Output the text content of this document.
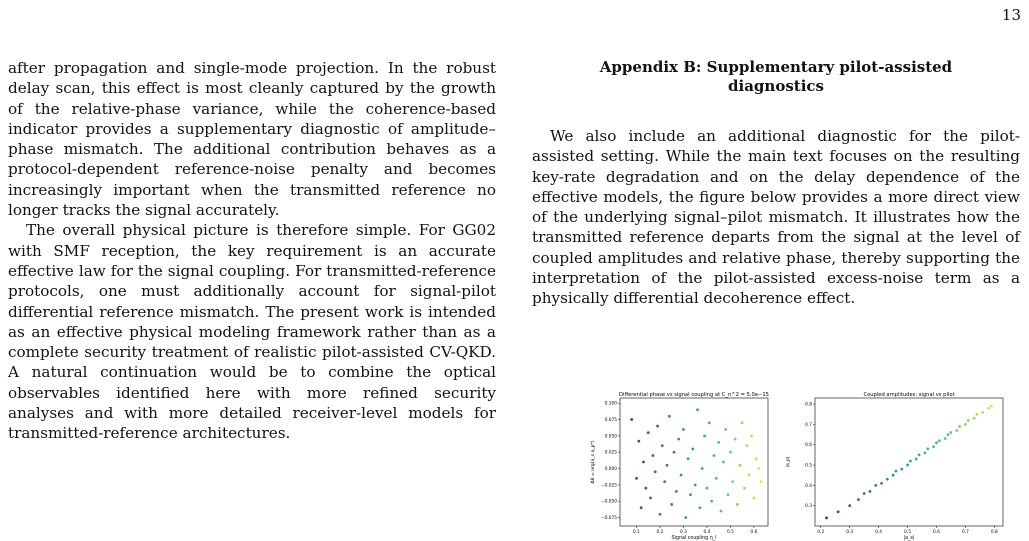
13

after propagation and single-mode projection. In the robust delay scan, this effect is most cleanly captured by the growth of the relative-phase variance, while the coherence-based indicator provides a supplementary diagnostic of amplitude–phase mismatch. The additional contribution behaves as a protocol-dependent reference-noise penalty and becomes increasingly important when the transmitted reference no longer tracks the signal accurately.

The overall physical picture is therefore simple. For GG02 with SMF reception, the key requirement is an accurate effective law for the signal coupling. For transmitted-reference protocols, one must additionally account for signal-pilot differential reference mismatch. The present work is intended as an effective physical modeling framework rather than as a complete security treatment of realistic pilot-assisted CV-QKD. A natural continuation would be to combine the optical observables identified here with more refined security analyses and with more detailed receiver-level models for transmitted-reference architectures.

Appendix B: Supplementary pilot-assisted diagnostics

We also include an additional diagnostic for the pilot-assisted setting. While the main text focuses on the resulting key-rate degradation and on the delay dependence of the effective models, the figure below provides a more direct view of the underlying signal–pilot mismatch. It illustrates how the transmitted reference departs from the signal at the level of coupled amplitudes and relative phase, thereby supporting the interpretation of the pilot-assisted excess-noise term as a physically differential decoherence effect.

Differential phase vs signal coupling at C_n^2 = 5.0e−15
Signal coupling η_l
Δθ = arg(a_s a_p*)
0.1	0.2	0.3	0.4	0.5	0.6
0.100
0.075
0.050
0.025
0.000
−0.025
−0.050
−0.075
Coupled amplitudes: signal vs pilot
|a_s|
|a_p|
0.2	0.3	0.4	0.5	0.6	0.7	0.8
0.8
0.7
0.6
0.5
0.4
0.3
